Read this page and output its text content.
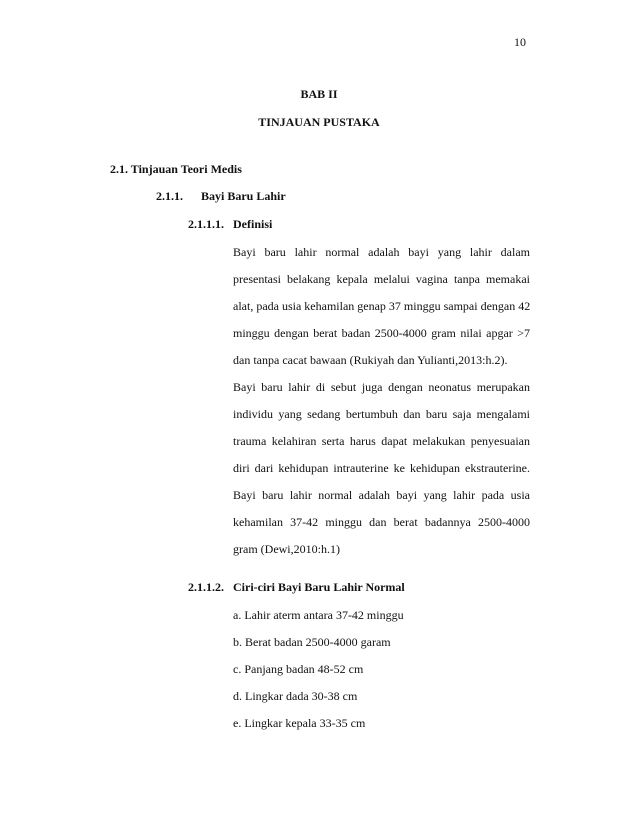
10
BAB II
TINJAUAN PUSTAKA
2.1. Tinjauan Teori Medis
2.1.1. Bayi Baru Lahir
2.1.1.1. Definisi
Bayi baru lahir normal adalah bayi yang lahir dalam
presentasi belakang kepala melalui vagina tanpa memakai
alat, pada usia kehamilan genap 37 minggu sampai dengan 42
minggu dengan berat badan 2500-4000 gram nilai apgar >7
dan tanpa cacat bawaan (Rukiyah dan Yulianti,2013:h.2).
Bayi baru lahir di sebut juga dengan neonatus merupakan
individu yang sedang bertumbuh dan baru saja mengalami
trauma kelahiran serta harus dapat melakukan penyesuaian
diri dari kehidupan intrauterine ke kehidupan ekstrauterine.
Bayi baru lahir normal adalah bayi yang lahir pada usia
kehamilan 37-42 minggu dan berat badannya 2500-4000
gram (Dewi,2010:h.1)
2.1.1.2. Ciri-ciri Bayi Baru Lahir Normal
a. Lahir aterm antara 37-42 minggu
b. Berat badan 2500-4000 garam
c. Panjang badan 48-52 cm
d. Lingkar dada 30-38 cm
e. Lingkar kepala 33-35 cm
